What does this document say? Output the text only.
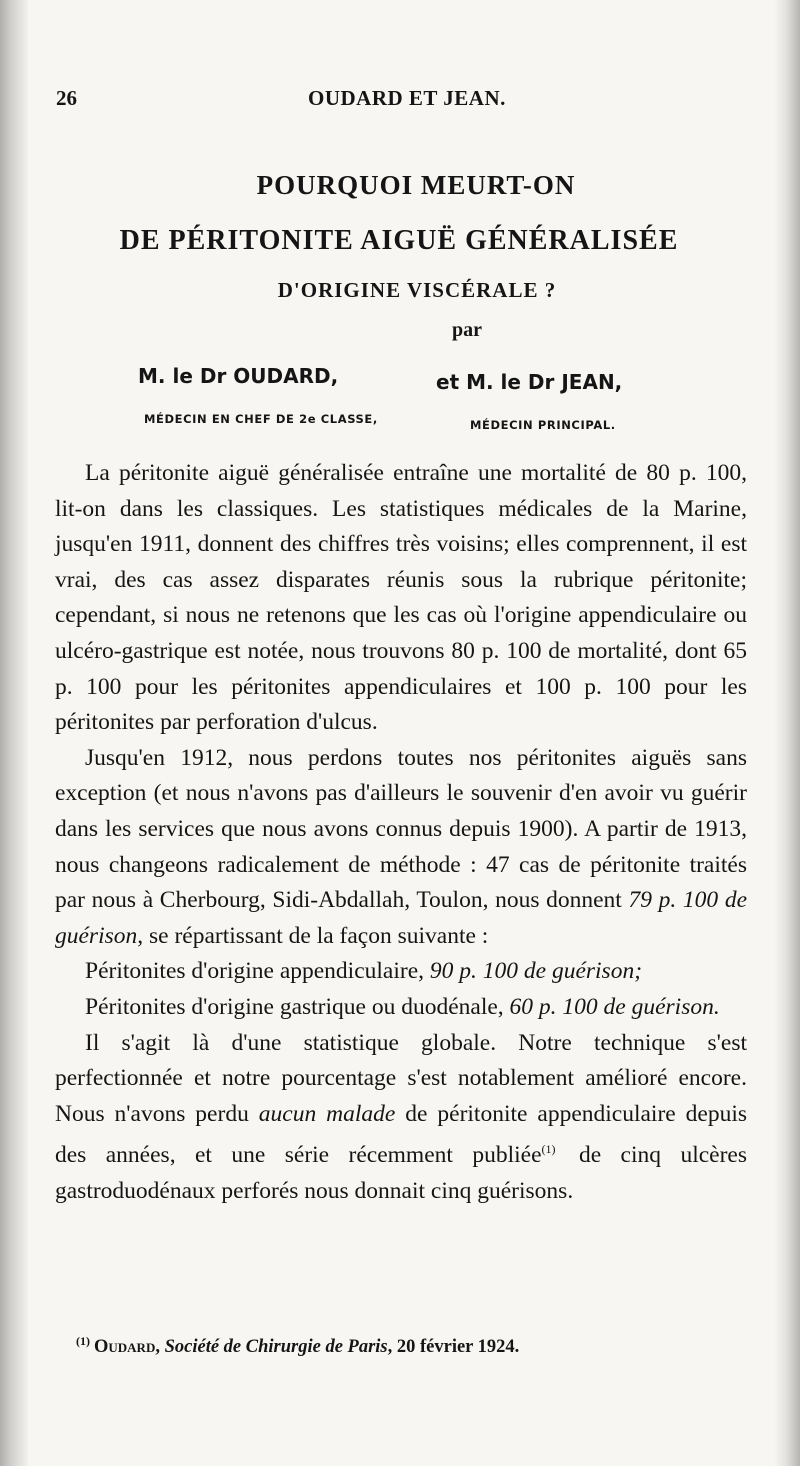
26	OUDARD ET JEAN.
POURQUOI MEURT-ON
DE PÉRITONITE AIGUË GÉNÉRALISÉE
D'ORIGINE VISCÉRALE ?
par
M. le Dr OUDARD,	et M. le Dr JEAN,
MÉDECIN EN CHEF DE 2e CLASSE,	MÉDECIN PRINCIPAL.

La péritonite aiguë généralisée entraîne une mortalité de 80 p. 100, lit-on dans les classiques. Les statistiques médicales de la Marine, jusqu'en 1911, donnent des chiffres très voisins; elles comprennent, il est vrai, des cas assez disparates réunis sous la rubrique péritonite; cependant, si nous ne retenons que les cas où l'origine appendiculaire ou ulcéro-gastrique est notée, nous trouvons 80 p. 100 de mortalité, dont 65 p. 100 pour les péritonites appendiculaires et 100 p. 100 pour les péritonites par perforation d'ulcus.

Jusqu'en 1912, nous perdons toutes nos péritonites aiguës sans exception (et nous n'avons pas d'ailleurs le souvenir d'en avoir vu guérir dans les services que nous avons connus depuis 1900). A partir de 1913, nous changeons radicalement de méthode : 47 cas de péritonite traités par nous à Cherbourg, Sidi-Abdallah, Toulon, nous donnent 79 p. 100 de guérison, se répartissant de la façon suivante :

Péritonites d'origine appendiculaire, 90 p. 100 de guérison;

Péritonites d'origine gastrique ou duodénale, 60 p. 100 de guérison.

Il s'agit là d'une statistique globale. Notre technique s'est perfectionnée et notre pourcentage s'est notablement amélioré encore. Nous n'avons perdu aucun malade de péritonite appendiculaire depuis des années, et une série récemment publiée$^{(1)}$ de cinq ulcères gastroduodénaux perforés nous donnait cinq guérisons.

$^{(1)}$ Oudard, Société de Chirurgie de Paris, 20 février 1924.
